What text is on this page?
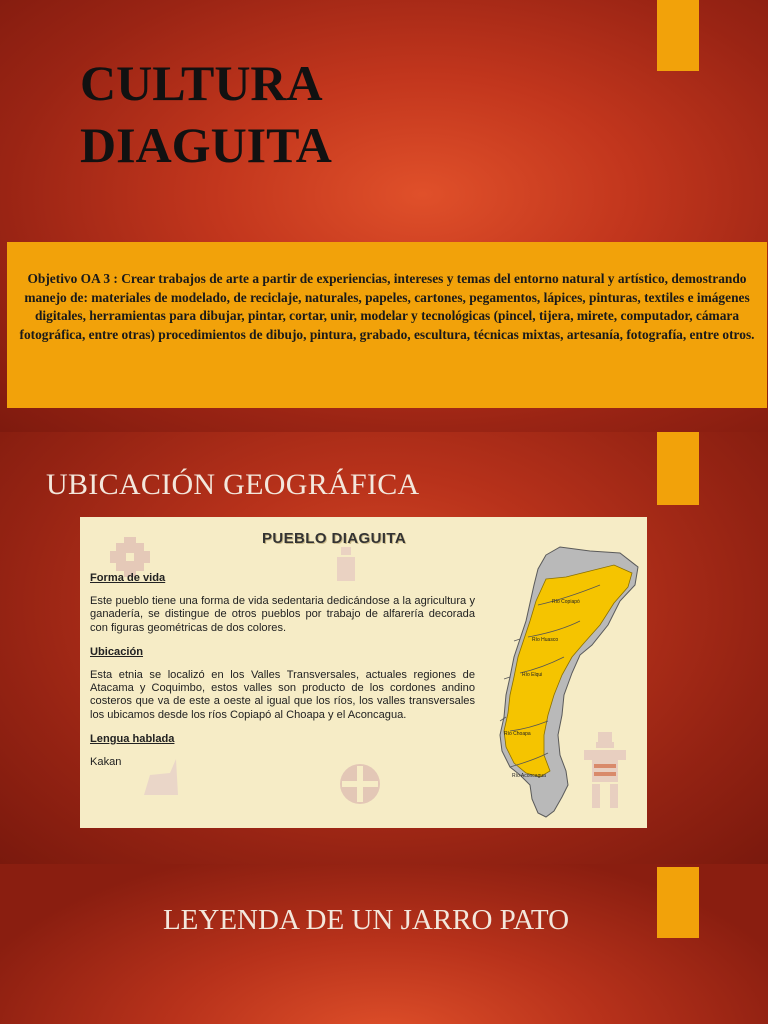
CULTURA
DIAGUITA
Objetivo OA 3 : Crear trabajos de arte a partir de experiencias, intereses y temas del entorno natural y artístico, demostrando manejo de: materiales de modelado, de reciclaje, naturales, papeles, cartones, pegamentos, lápices, pinturas, textiles e imágenes digitales, herramientas para dibujar, pintar, cortar, unir, modelar y tecnológicas (pincel, tijera, mirete, computador, cámara fotográfica, entre otras) procedimientos de dibujo, pintura, grabado, escultura, técnicas mixtas, artesanía, fotografía, entre otros.
UBICACIÓN GEOGRÁFICA
PUEBLO DIAGUITA
Forma de vida
Este pueblo tiene una forma de vida sedentaria dedicándose a la agricultura y ganadería, se distingue de otros pueblos por trabajo de alfarería decorada con figuras geométricas de dos colores.
Ubicación
Esta etnia se localizó en los Valles Transversales, actuales regiones de Atacama y Coquimbo, estos valles son producto de los cordones andino costeros que va de este a oeste al igual que los ríos, los valles transversales los ubicamos desde los ríos Copiapó al Choapa y el Aconcagua.
Lengua hablada
Kakan
Río Copiapó
Río Huasco
Río Elqui
Río Choapa
Río Aconcagua
LEYENDA DE UN JARRO PATO
